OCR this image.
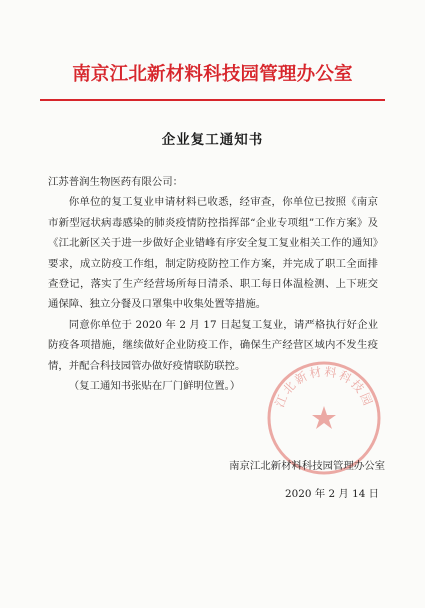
南京江北新材料科技园管理办公室
企业复工通知书

江苏普润生物医药有限公司：

你单位的复工复业申请材料已收悉，经审查，你单位已按照《南京市新型冠状病毒感染的肺炎疫情防控指挥部“企业专项组”工作方案》及《江北新区关于进一步做好企业错峰有序安全复工复业相关工作的通知》要求，成立防疫工作组，制定防疫防控工作方案，并完成了职工全面排查登记，落实了生产经营场所每日清杀、职工每日体温检测、上下班交通保障、独立分餐及口罩集中收集处置等措施。

同意你单位于 2020 年 2 月 17 日起复工复业，请严格执行好企业防疫各项措施，继续做好企业防疫工作，确保生产经营区域内不发生疫情，并配合科技园管办做好疫情联防联控。

（复工通知书张贴在厂门鲜明位置。）

江北新材料科技园
南京江北新材料科技园管理办公室
2020 年 2 月 14 日
